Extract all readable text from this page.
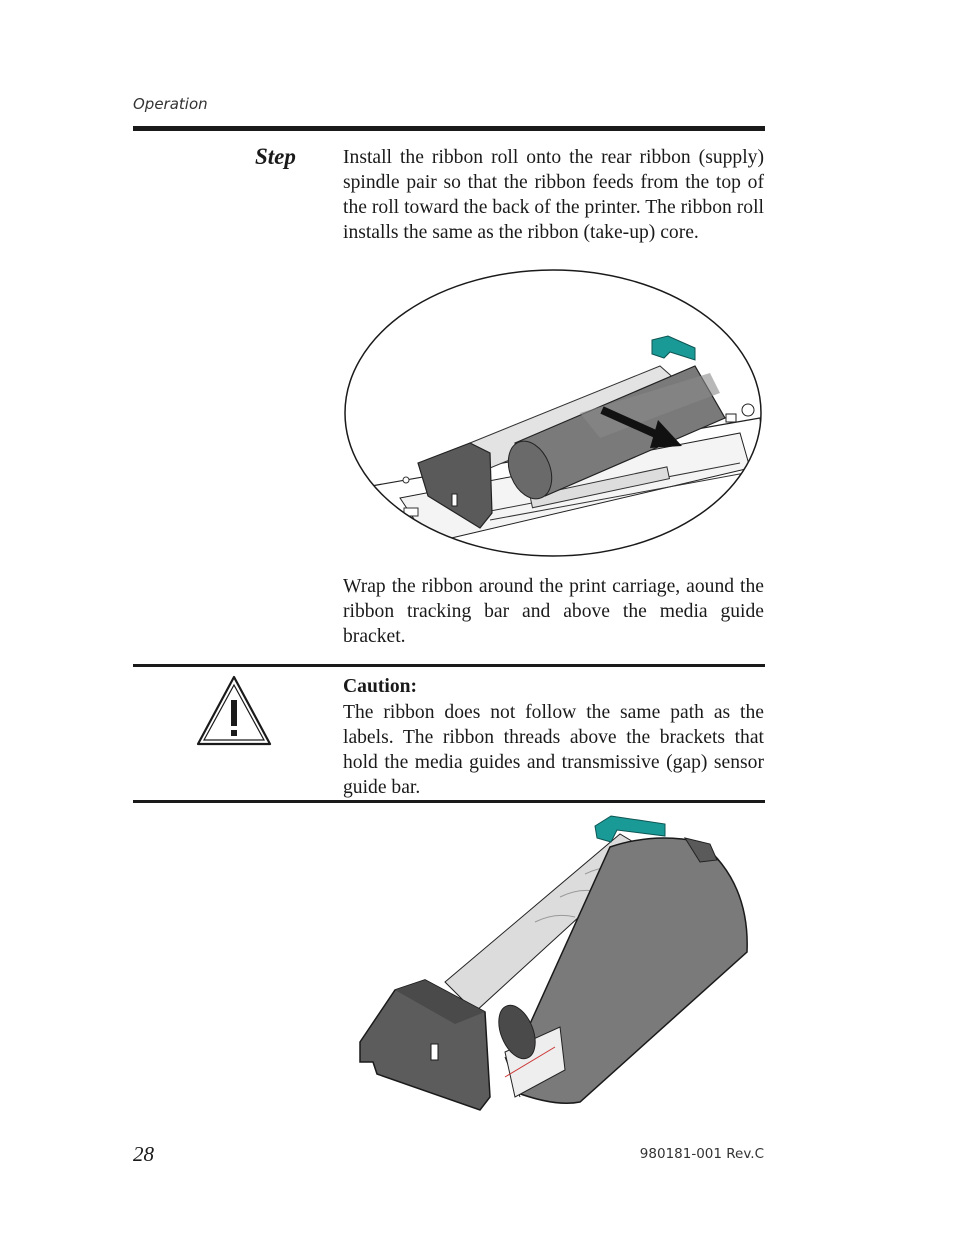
Operation
Step Install the ribbon roll onto the rear ribbon (supply) spindle pair so that the ribbon feeds from the top of the roll toward the back of the printer. The ribbon roll installs the same as the ribbon (take-up) core.
Wrap the ribbon around the print carriage, aound the ribbon tracking bar and above the media guide bracket.
Caution:
The ribbon does not follow the same path as the labels. The ribbon threads above the brackets that hold the media guides and transmissive (gap) sensor guide bar.
28	980181-001 Rev.C
